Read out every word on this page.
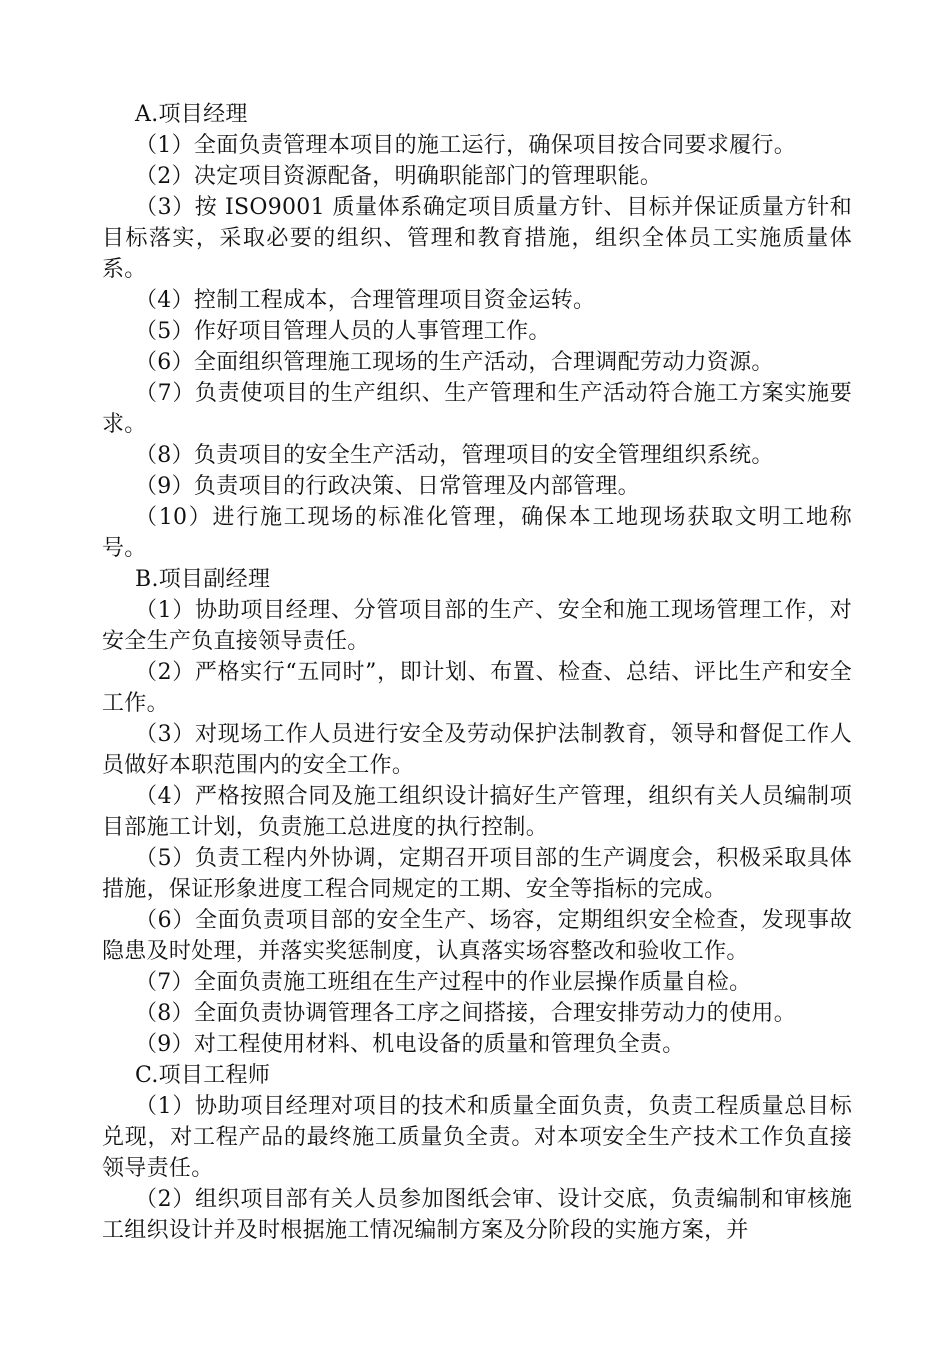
A.项目经理

（1）全面负责管理本项目的施工运行，确保项目按合同要求履行。

（2）决定项目资源配备，明确职能部门的管理职能。

（3）按 ISO9001 质量体系确定项目质量方针、目标并保证质量方针和目标落实，采取必要的组织、管理和教育措施，组织全体员工实施质量体系。

（4）控制工程成本，合理管理项目资金运转。

（5）作好项目管理人员的人事管理工作。

（6）全面组织管理施工现场的生产活动，合理调配劳动力资源。

（7）负责使项目的生产组织、生产管理和生产活动符合施工方案实施要求。

（8）负责项目的安全生产活动，管理项目的安全管理组织系统。

（9）负责项目的行政决策、日常管理及内部管理。

（10）进行施工现场的标准化管理，确保本工地现场获取文明工地称号。

B.项目副经理

（1）协助项目经理、分管项目部的生产、安全和施工现场管理工作，对安全生产负直接领导责任。

（2）严格实行“五同时”，即计划、布置、检查、总结、评比生产和安全工作。

（3）对现场工作人员进行安全及劳动保护法制教育，领导和督促工作人员做好本职范围内的安全工作。

（4）严格按照合同及施工组织设计搞好生产管理，组织有关人员编制项目部施工计划，负责施工总进度的执行控制。

（5）负责工程内外协调，定期召开项目部的生产调度会，积极采取具体措施，保证形象进度工程合同规定的工期、安全等指标的完成。

（6）全面负责项目部的安全生产、场容，定期组织安全检查，发现事故隐患及时处理，并落实奖惩制度，认真落实场容整改和验收工作。

（7）全面负责施工班组在生产过程中的作业层操作质量自检。

（8）全面负责协调管理各工序之间搭接，合理安排劳动力的使用。

（9）对工程使用材料、机电设备的质量和管理负全责。

C.项目工程师

（1）协助项目经理对项目的技术和质量全面负责，负责工程质量总目标兑现，对工程产品的最终施工质量负全责。对本项安全生产技术工作负直接领导责任。

（2）组织项目部有关人员参加图纸会审、设计交底，负责编制和审核施工组织设计并及时根据施工情况编制方案及分阶段的实施方案，并
